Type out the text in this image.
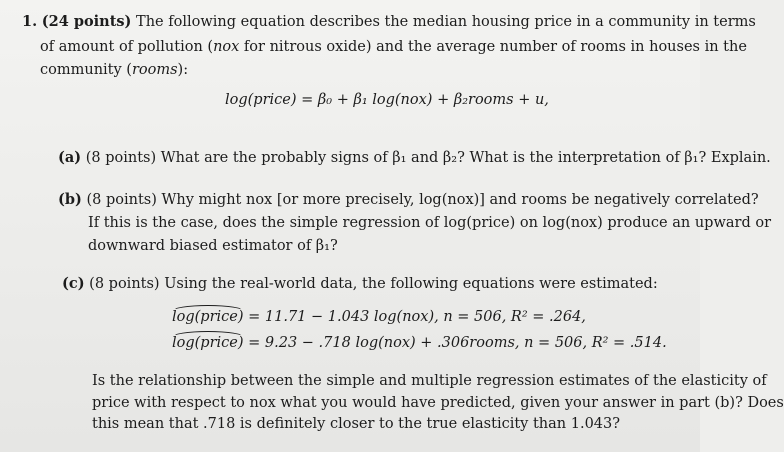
1. (24 points) The following equation describes the median housing price in a community in terms
of amount of pollution (nox for nitrous oxide) and the average number of rooms in houses in the
community (rooms):
log(price) = β₀ + β₁ log(nox) + β₂rooms + u,
(a) (8 points) What are the probably signs of β₁ and β₂? What is the interpretation of β₁? Explain.
(b) (8 points) Why might nox [or more precisely, log(nox)] and rooms be negatively correlated?
If this is the case, does the simple regression of log(price) on log(nox) produce an upward or
downward biased estimator of β₁?
(c) (8 points) Using the real-world data, the following equations were estimated:
log(price) = 11.71 − 1.043 log(nox), n = 506, R² = .264,
log(price) = 9.23 − .718 log(nox) + .306rooms, n = 506, R² = .514.
Is the relationship between the simple and multiple regression estimates of the elasticity of
price with respect to nox what you would have predicted, given your answer in part (b)? Does
this mean that .718 is definitely closer to the true elasticity than 1.043?
